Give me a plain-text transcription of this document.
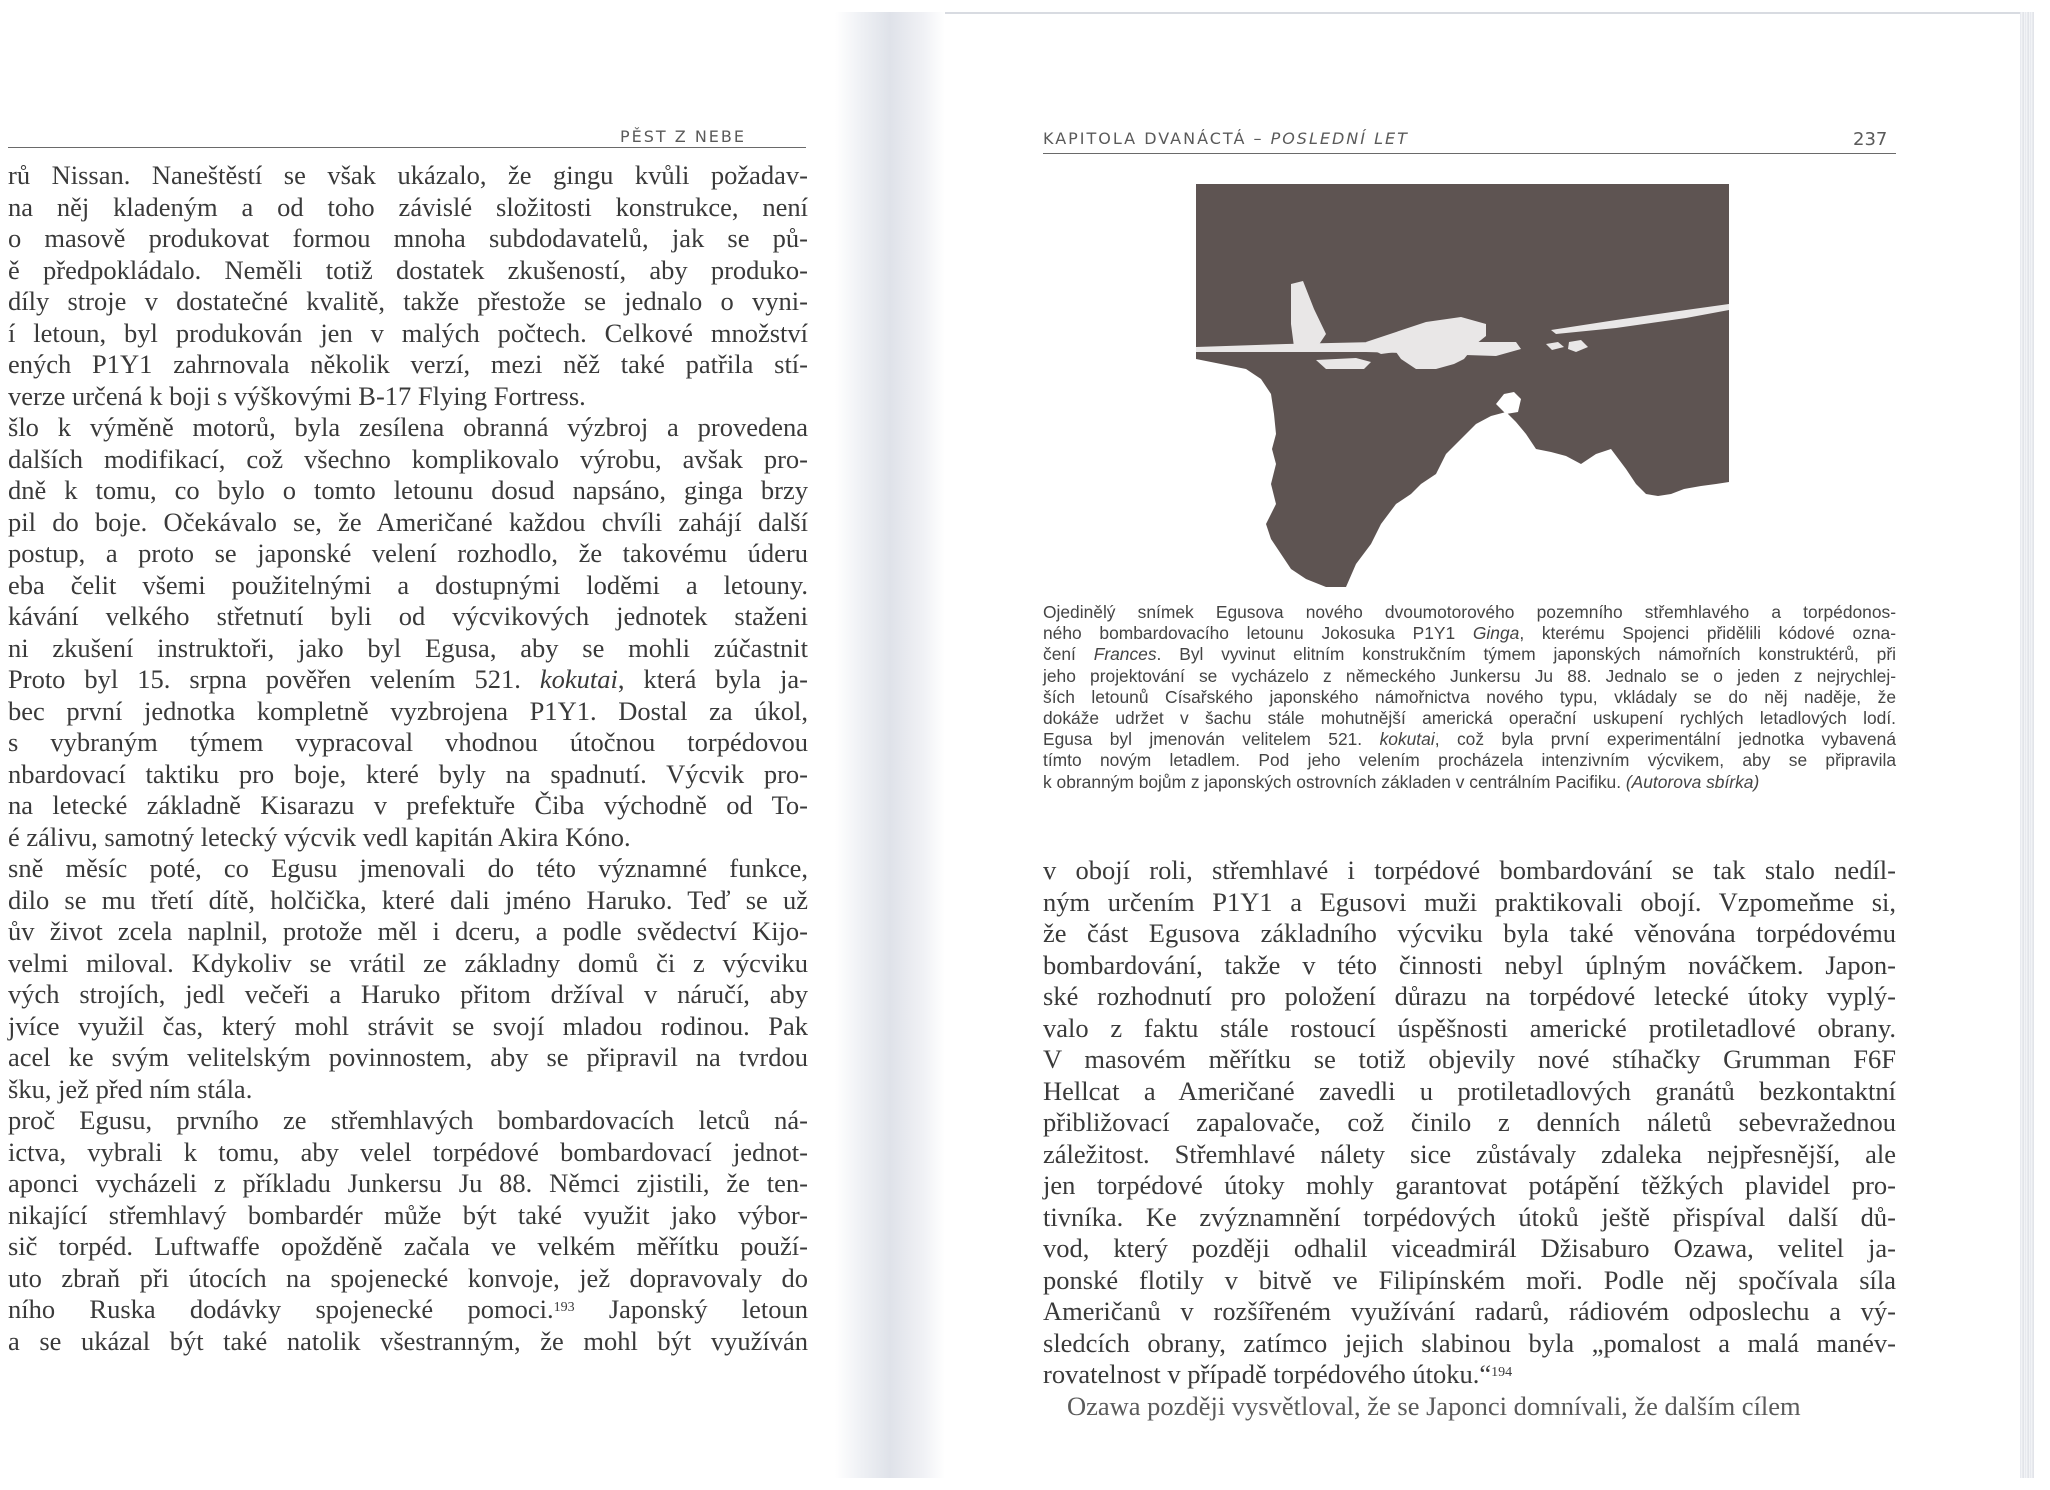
PĚST Z NEBE
rů Nissan. Naneštěstí se však ukázalo, že gingu kvůli požadav-
na něj kladeným a od toho závislé složitosti konstrukce, není
o masově produkovat formou mnoha subdodavatelů, jak se pů-
ě předpokládalo. Neměli totiž dostatek zkušeností, aby produko-
díly stroje v dostatečné kvalitě, takže přestože se jednalo o vyni-
í letoun, byl produkován jen v malých počtech. Celkové množství
ených P1Y1 zahrnovala několik verzí, mezi něž také patřila stí-
verze určená k boji s výškovými B-17 Flying Fortress.
šlo k výměně motorů, byla zesílena obranná výzbroj a provedena
dalších modifikací, což všechno komplikovalo výrobu, avšak pro-
dně k tomu, co bylo o tomto letounu dosud napsáno, ginga brzy
pil do boje. Očekávalo se, že Američané každou chvíli zahájí další
postup, a proto se japonské velení rozhodlo, že takovému úderu
eba čelit všemi použitelnými a dostupnými loděmi a letouny.
kávání velkého střetnutí byli od výcvikových jednotek staženi
ni zkušení instruktoři, jako byl Egusa, aby se mohli zúčastnit
Proto byl 15. srpna pověřen velením 521. kokutai, která byla ja-
bec první jednotka kompletně vyzbrojena P1Y1. Dostal za úkol,
s vybraným týmem vypracoval vhodnou útočnou torpédovou
nbardovací taktiku pro boje, které byly na spadnutí. Výcvik pro-
na letecké základně Kisarazu v prefektuře Čiba východně od To-
é zálivu, samotný letecký výcvik vedl kapitán Akira Kóno.
sně měsíc poté, co Egusu jmenovali do této významné funkce,
dilo se mu třetí dítě, holčička, které dali jméno Haruko. Teď se už
ův život zcela naplnil, protože měl i dceru, a podle svědectví Kijo-
velmi miloval. Kdykoliv se vrátil ze základny domů či z výcviku
vých strojích, jedl večeři a Haruko přitom držíval v náručí, aby
jvíce využil čas, který mohl strávit se svojí mladou rodinou. Pak
acel ke svým velitelským povinnostem, aby se připravil na tvrdou
šku, jež před ním stála.
proč Egusu, prvního ze střemhlavých bombardovacích letců ná-
ictva, vybrali k tomu, aby velel torpédové bombardovací jednot-
aponci vycházeli z příkladu Junkersu Ju 88. Němci zjistili, že ten-
nikající střemhlavý bombardér může být také využit jako výbor-
sič torpéd. Luftwaffe opožděně začala ve velkém měřítku použí-
uto zbraň při útocích na spojenecké konvoje, jež dopravovaly do
ního Ruska dodávky spojenecké pomoci.$^{193}$ Japonský letoun
a se ukázal být také natolik všestranným, že mohl být využíván
KAPITOLA DVANÁCTÁ – POSLEDNÍ LET	237
Ojedinělý snímek Egusova nového dvoumotorového pozemního střemhlavého a torpédonos-
ného bombardovacího letounu Jokosuka P1Y1 Ginga, kterému Spojenci přidělili kódové ozna-
čení Frances. Byl vyvinut elitním konstrukčním týmem japonských námořních konstruktérů, při
jeho projektování se vycházelo z německého Junkersu Ju 88. Jednalo se o jeden z nejrychlej-
ších letounů Císařského japonského námořnictva nového typu, vkládaly se do něj naděje, že
dokáže udržet v šachu stále mohutnější americká operační uskupení rychlých letadlových lodí.
Egusa byl jmenován velitelem 521. kokutai, což byla první experimentální jednotka vybavená
tímto novým letadlem. Pod jeho velením procházela intenzivním výcvikem, aby se připravila
k obranným bojům z japonských ostrovních základen v centrálním Pacifiku. (Autorova sbírka)
v obojí roli, střemhlavé i torpédové bombardování se tak stalo nedíl-
ným určením P1Y1 a Egusovi muži praktikovali obojí. Vzpomeňme si,
že část Egusova základního výcviku byla také věnována torpédovému
bombardování, takže v této činnosti nebyl úplným nováčkem. Japon-
ské rozhodnutí pro položení důrazu na torpédové letecké útoky vyplý-
valo z faktu stále rostoucí úspěšnosti americké protiletadlové obrany.
V masovém měřítku se totiž objevily nové stíhačky Grumman F6F
Hellcat a Američané zavedli u protiletadlových granátů bezkontaktní
přibližovací zapalovače, což činilo z denních náletů sebevražednou
záležitost. Střemhlavé nálety sice zůstávaly zdaleka nejpřesnější, ale
jen torpédové útoky mohly garantovat potápění těžkých plavidel pro-
tivníka. Ke zvýznamnění torpédových útoků ještě přispíval další dů-
vod, který později odhalil viceadmirál Džisaburo Ozawa, velitel ja-
ponské flotily v bitvě ve Filipínském moři. Podle něj spočívala síla
Američanů v rozšířeném využívání radarů, rádiovém odposlechu a vý-
sledcích obrany, zatímco jejich slabinou byla „pomalost a malá manév-
rovatelnost v případě torpédového útoku.“$^{194}$
Ozawa později vysvětloval, že se Japonci domnívali, že dalším cílem
